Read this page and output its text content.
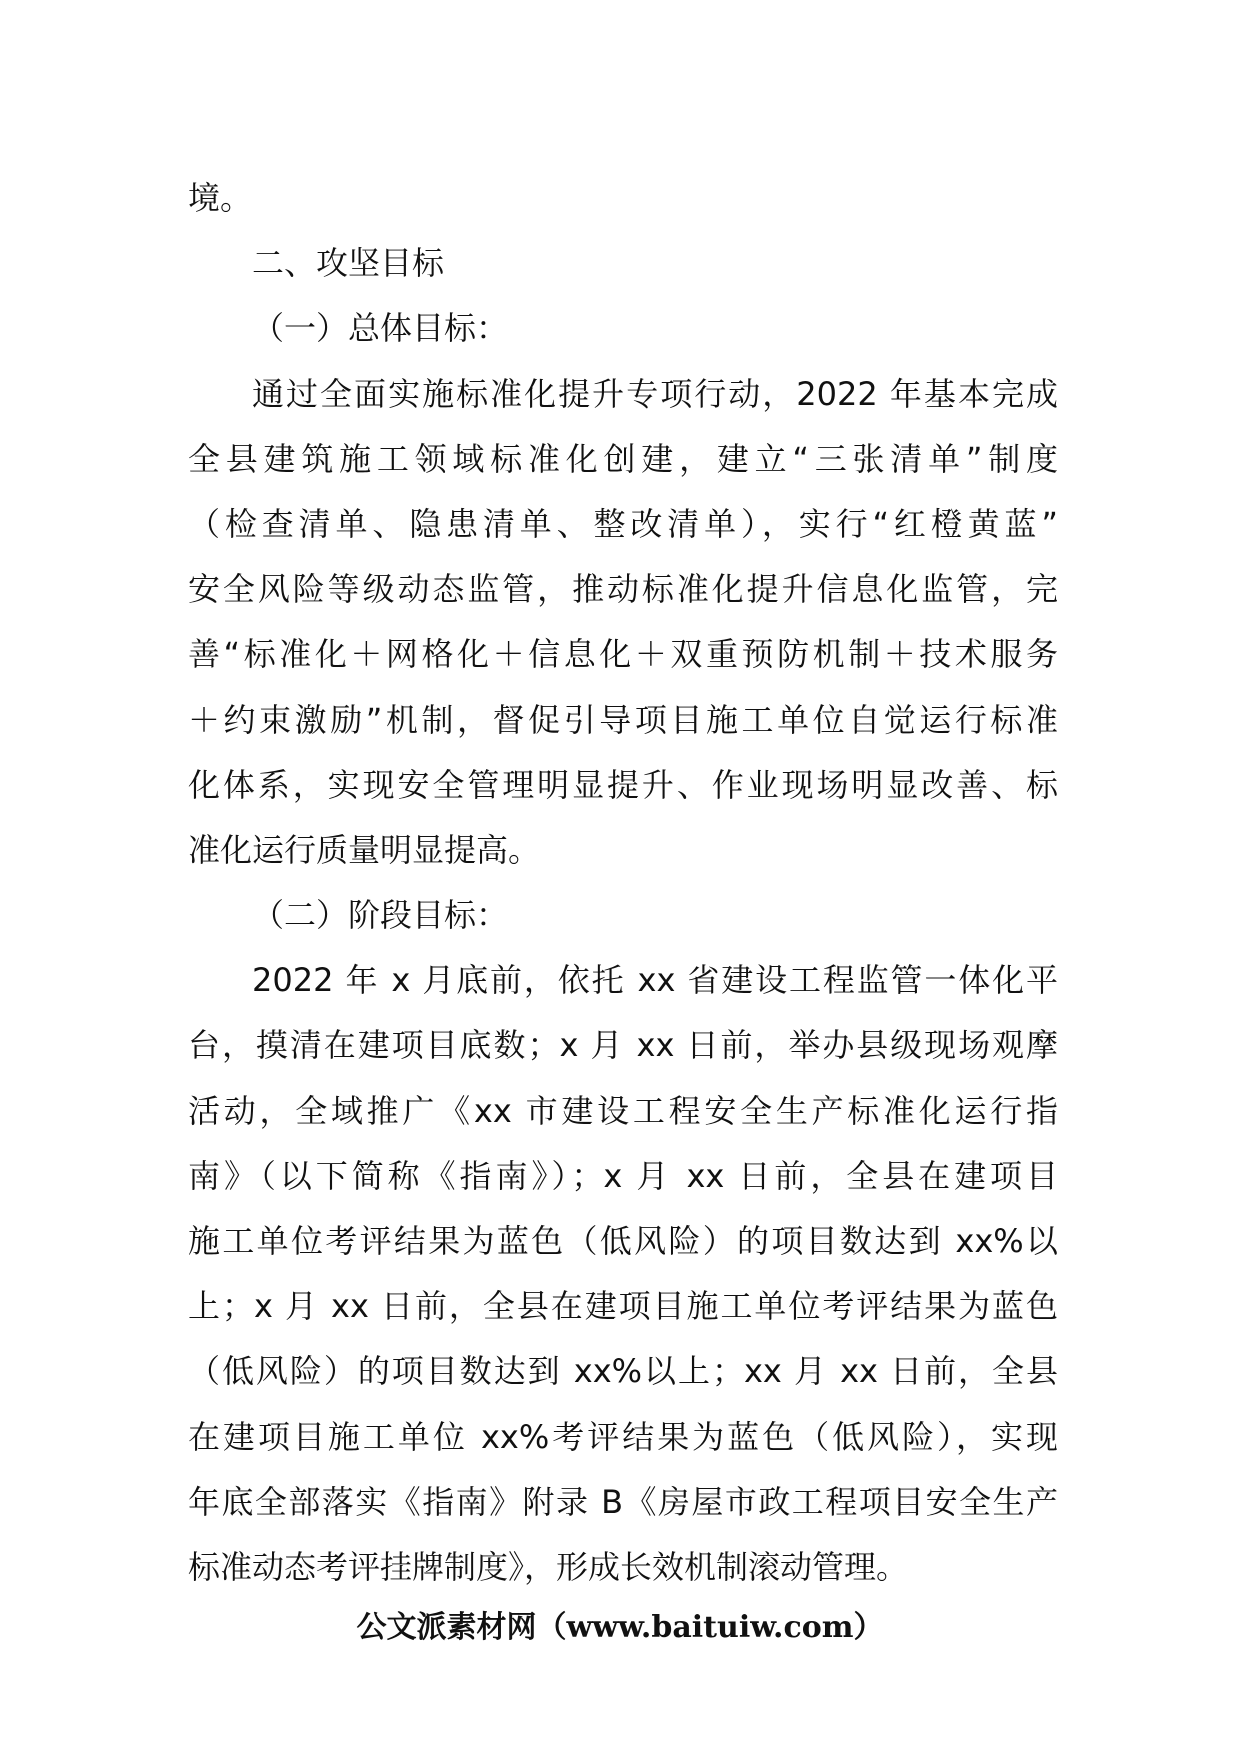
境。
二、攻坚目标
（一）总体目标：
通过全面实施标准化提升专项行动，2022 年基本完成
全县建筑施工领域标准化创建，建立“三张清单”制度
（检查清单、隐患清单、整改清单），实行“红橙黄蓝”
安全风险等级动态监管，推动标准化提升信息化监管，完
善“标准化＋网格化＋信息化＋双重预防机制＋技术服务
＋约束激励”机制，督促引导项目施工单位自觉运行标准
化体系，实现安全管理明显提升、作业现场明显改善、标
准化运行质量明显提高。
（二）阶段目标：
2022 年 x 月底前，依托 xx 省建设工程监管一体化平
台，摸清在建项目底数；x 月 xx 日前，举办县级现场观摩
活动，全域推广《xx 市建设工程安全生产标准化运行指
南》（以下简称《指南》）；x 月 xx 日前，全县在建项目
施工单位考评结果为蓝色（低风险）的项目数达到 xx%以
上；x 月 xx 日前，全县在建项目施工单位考评结果为蓝色
（低风险）的项目数达到 xx%以上；xx 月 xx 日前，全县
在建项目施工单位 xx%考评结果为蓝色（低风险），实现
年底全部落实《指南》附录 B《房屋市政工程项目安全生产
标准动态考评挂牌制度》，形成长效机制滚动管理。
公文派素材网（www.baituiw.com）
